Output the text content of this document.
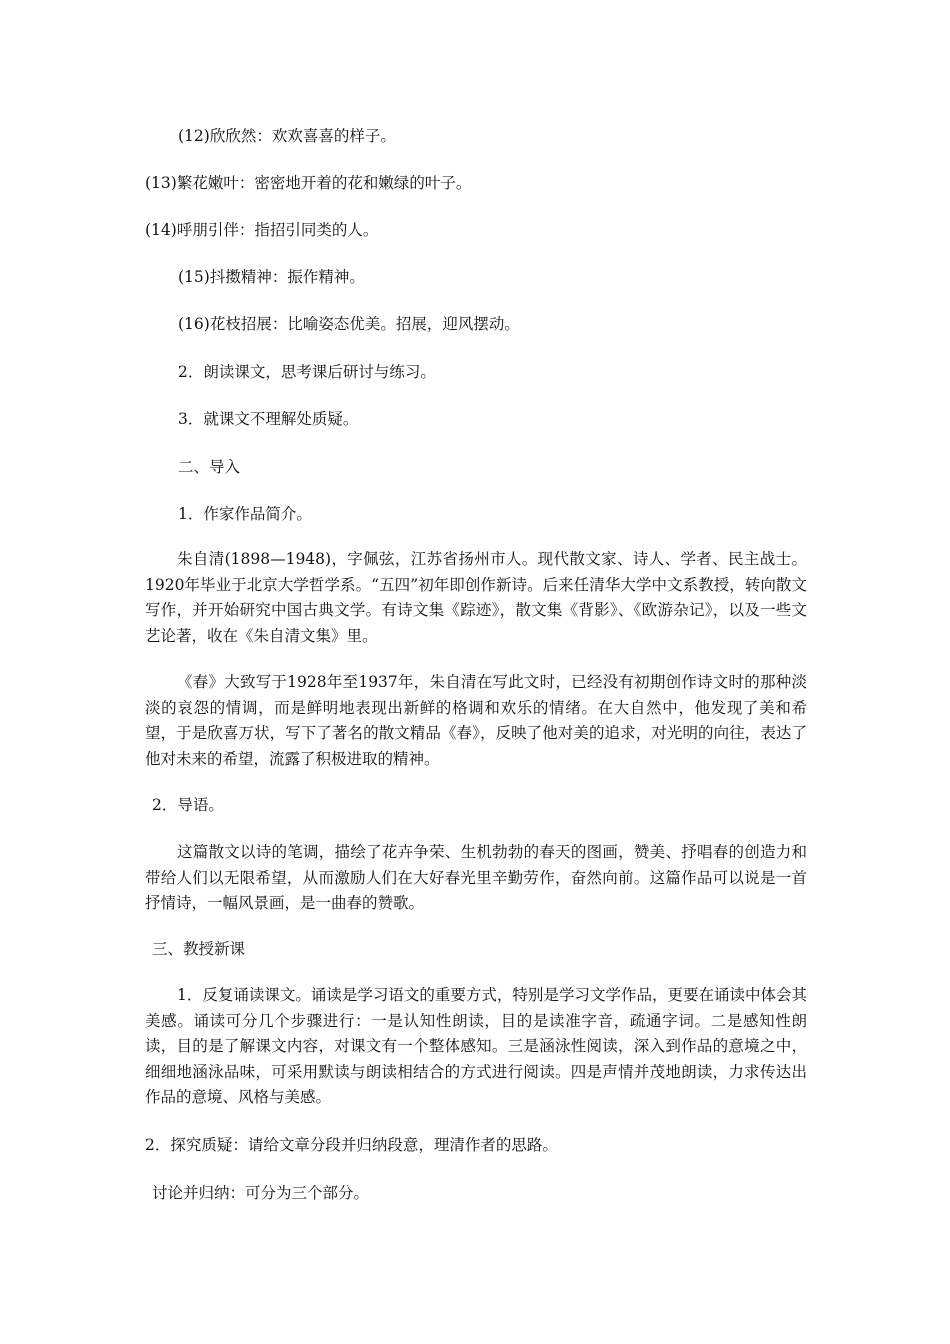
(12)欣欣然：欢欢喜喜的样子。
(13)繁花嫩叶：密密地开着的花和嫩绿的叶子。
(14)呼朋引伴：指招引同类的人。
(15)抖擞精神：振作精神。
(16)花枝招展：比喻姿态优美。招展，迎风摆动。
2．朗读课文，思考课后研讨与练习。
3．就课文不理解处质疑。
二、导入
1．作家作品简介。
朱自清(1898—1948)，字佩弦，江苏省扬州市人。现代散文家、诗人、学者、民主战士。1920年毕业于北京大学哲学系。“五四”初年即创作新诗。后来任清华大学中文系教授，转向散文写作，并开始研究中国古典文学。有诗文集《踪迹》，散文集《背影》、《欧游杂记》，以及一些文艺论著，收在《朱自清文集》里。
《春》大致写于1928年至1937年，朱自清在写此文时，已经没有初期创作诗文时的那种淡淡的哀怨的情调，而是鲜明地表现出新鲜的格调和欢乐的情绪。在大自然中，他发现了美和希望，于是欣喜万状，写下了著名的散文精品《春》，反映了他对美的追求，对光明的向往，表达了他对未来的希望，流露了积极进取的精神。
2．导语。
这篇散文以诗的笔调，描绘了花卉争荣、生机勃勃的春天的图画，赞美、抒唱春的创造力和带给人们以无限希望，从而激励人们在大好春光里辛勤劳作，奋然向前。这篇作品可以说是一首抒情诗，一幅风景画，是一曲春的赞歌。
三、教授新课
1．反复诵读课文。诵读是学习语文的重要方式，特别是学习文学作品，更要在诵读中体会其美感。诵读可分几个步骤进行：一是认知性朗读，目的是读准字音，疏通字词。二是感知性朗读，目的是了解课文内容，对课文有一个整体感知。三是涵泳性阅读，深入到作品的意境之中，细细地涵泳品味，可采用默读与朗读相结合的方式进行阅读。四是声情并茂地朗读，力求传达出作品的意境、风格与美感。
2．探究质疑：请给文章分段并归纳段意，理清作者的思路。
讨论并归纳：可分为三个部分。
